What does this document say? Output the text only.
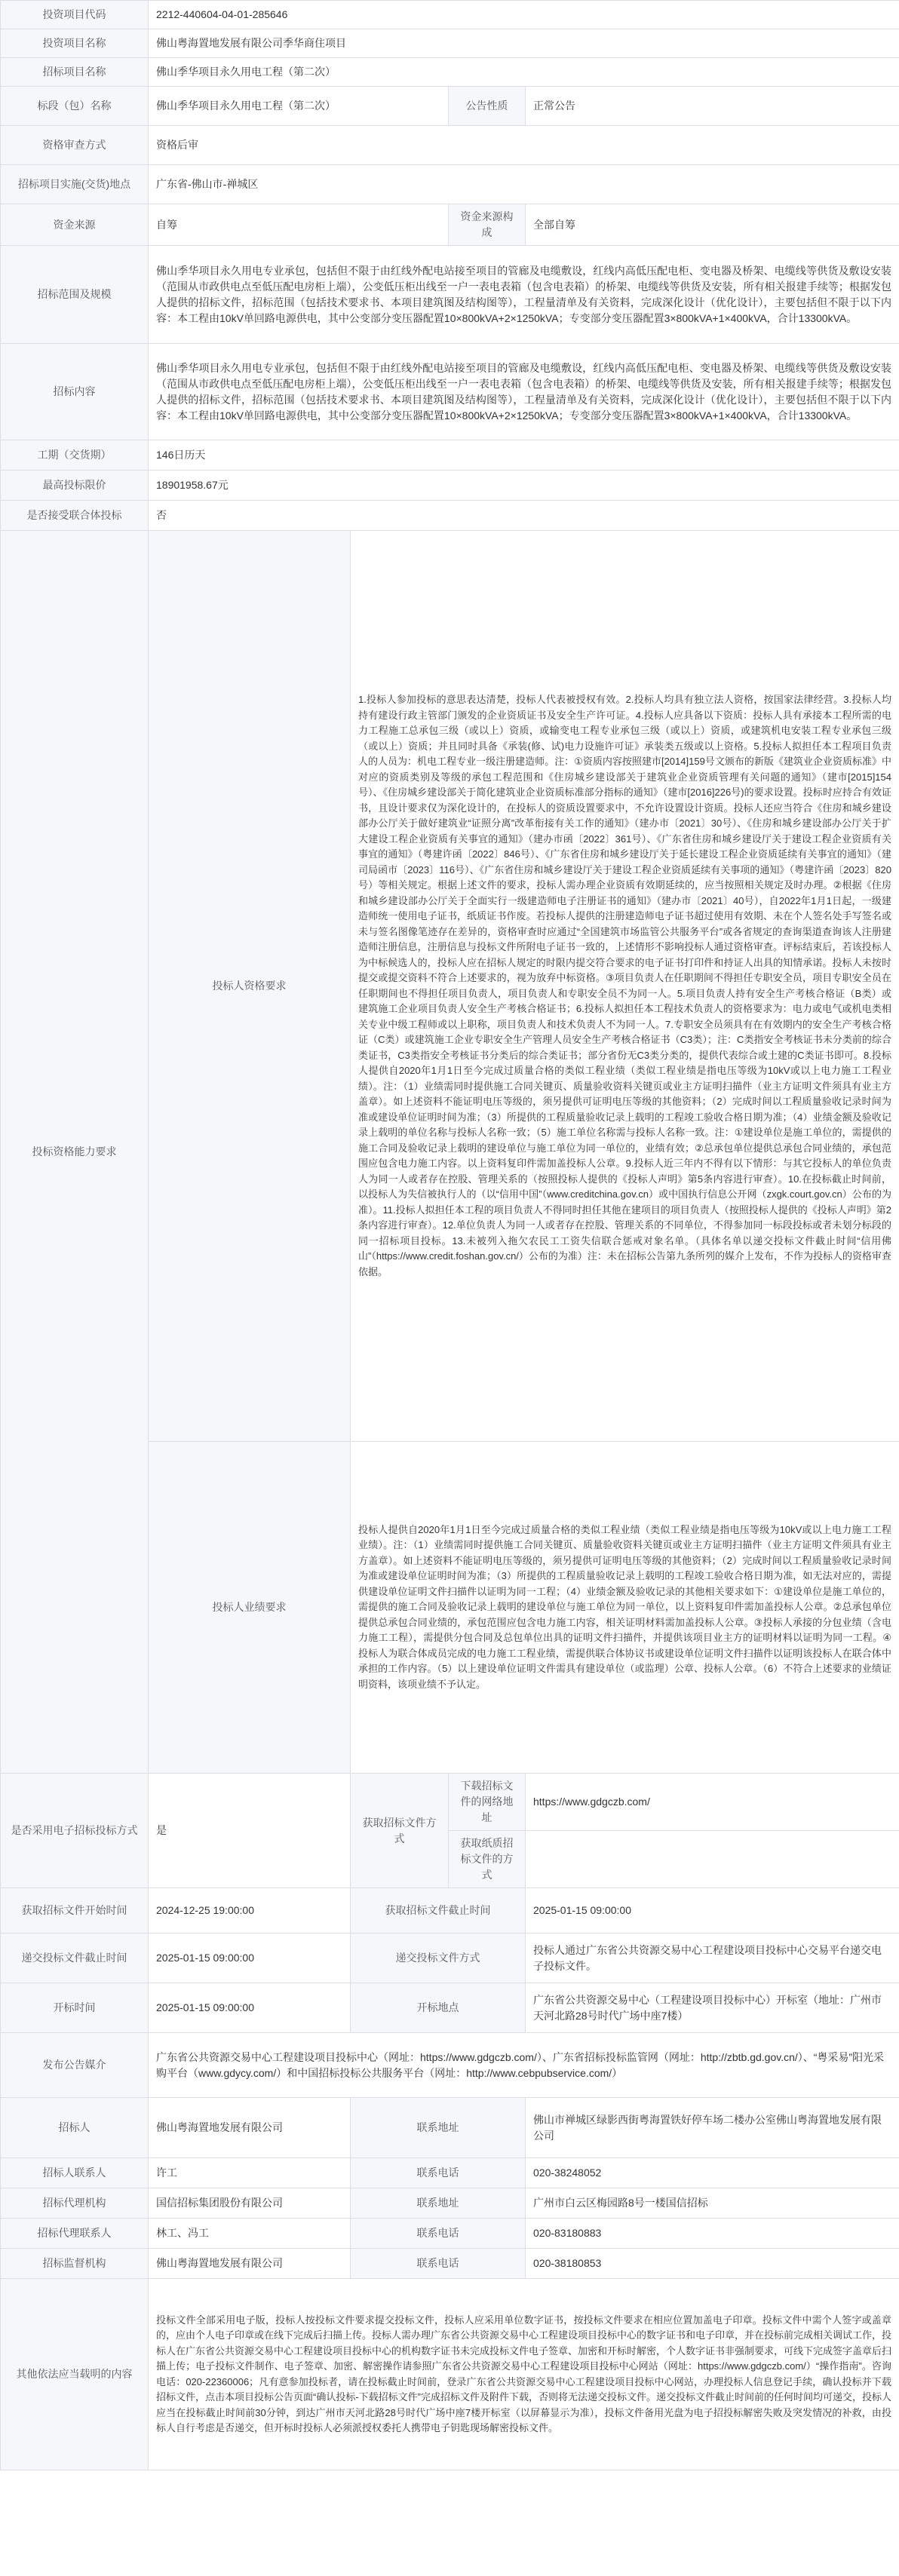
投资项目代码	2212-440604-04-01-285646			
投资项目名称	佛山粤海置地发展有限公司季华商住项目			
招标项目名称	佛山季华项目永久用电工程（第二次）			
标段（包）名称	佛山季华项目永久用电工程（第二次）		公告性质	正常公告
资格审查方式	资格后审			
招标项目实施(交货)地点	广东省-佛山市-禅城区			
资金来源	自筹		资金来源构成	全部自筹
招标范围及规模	佛山季华项目永久用电专业承包，包括但不限于由红线外配电站接至项目的管廊及电缆敷设，红线内高低压配电柜、变电器及桥架、电缆线等供货及敷设安装（范围从市政供电点至低压配电房柜上端），公变低压柜出线至一户一表电表箱（包含电表箱）的桥架、电缆线等供货及安装，所有相关报建手续等；根据发包人提供的招标文件，招标范围（包括技术要求书、本项目建筑图及结构图等），工程量清单及有关资料，完成深化设计（优化设计），主要包括但不限于以下内容：本工程由10kV单回路电源供电，其中公变部分变压器配置10×800kVA+2×1250kVA；专变部分变压器配置3×800kVA+1×400kVA，合计13300kVA。			
招标内容	佛山季华项目永久用电专业承包，包括但不限于由红线外配电站接至项目的管廊及电缆敷设，红线内高低压配电柜、变电器及桥架、电缆线等供货及敷设安装（范围从市政供电点至低压配电房柜上端），公变低压柜出线至一户一表电表箱（包含电表箱）的桥架、电缆线等供货及安装，所有相关报建手续等；根据发包人提供的招标文件，招标范围（包括技术要求书、本项目建筑图及结构图等），工程量清单及有关资料，完成深化设计（优化设计），主要包括但不限于以下内容：本工程由10kV单回路电源供电，其中公变部分变压器配置10×800kVA+2×1250kVA；专变部分变压器配置3×800kVA+1×400kVA，合计13300kVA。			
工期（交货期）	146日历天			
最高投标限价	18901958.67元			
是否接受联合体投标	否			
投标资格能力要求	投标人资格要求	1.投标人参加投标的意思表达清楚，投标人代表被授权有效。2.投标人均具有独立法人资格，按国家法律经营。3.投标人均持有建设行政主管部门颁发的企业资质证书及安全生产许可证。4.投标人应具备以下资质：投标人具有承接本工程所需的电力工程施工总承包三级（或以上）资质，或输变电工程专业承包三级（或以上）资质，或建筑机电安装工程专业承包三级（或以上）资质；并且同时具备《承装(修、试)电力设施许可证》承装类五级或以上资格。5.投标人拟担任本工程项目负责人的人员为：机电工程专业一级注册建造师。注：①资质内容按照建市[2014]159号文颁布的新版《建筑业企业资质标准》中对应的资质类别及等级的承包工程范围和《住房城乡建设部关于建筑业企业资质管理有关问题的通知》（建市[2015]154号）、《住房城乡建设部关于简化建筑业企业资质标准部分指标的通知》（建市[2016]226号)的要求设置。投标时应持合有效证书，且设计要求仅为深化设计的，在投标人的资质设置要求中，不允许设置设计资质。投标人还应当符合《住房和城乡建设部办公厅关于做好建筑业“证照分离”改革衔接有关工作的通知》（建办市〔2021〕30号）、《住房和城乡建设部办公厅关于扩大建设工程企业资质有关事宜的通知》（建办市函〔2022〕361号）、《广东省住房和城乡建设厅关于建设工程企业资质有关事宜的通知》（粤建许函〔2022〕846号）、《广东省住房和城乡建设厅关于延长建设工程企业资质延续有关事宜的通知》（建司局函市〔2023〕116号）、《广东省住房和城乡建设厅关于建设工程企业资质延续有关事项的通知》（粤建许函〔2023〕820号）等相关规定。根据上述文件的要求，投标人需办理企业资质有效期延续的，应当按照相关规定及时办理。②根据《住房和城乡建设部办公厅关于全面实行一级建造师电子注册证书的通知》（建办市〔2021〕40号），自2022年1月1日起，一级建造师统一使用电子证书，纸质证书作废。若投标人提供的注册建造师电子证书超过使用有效期、未在个人签名处手写签名或未与签名图像笔迹存在差异的，资格审查时应通过“全国建筑市场监管公共服务平台”或各省规定的查询渠道查询该人注册建造师注册信息，注册信息与投标文件所附电子证书一致的，上述情形不影响投标人通过资格审查。评标结束后，若该投标人为中标候选人的，投标人应在招标人规定的时限内提交符合要求的电子证书打印件和持证人出具的知情承诺。投标人未按时提交或提交资料不符合上述要求的，视为放弃中标资格。③项目负责人在任职期间不得担任专职安全员，项目专职安全员在任职期间也不得担任项目负责人，项目负责人和专职安全员不为同一人。5.项目负责人持有安全生产考核合格证（B类）或建筑施工企业项目负责人安全生产考核合格证书；6.投标人拟担任本工程技术负责人的资格要求为：电力或电气或机电类相关专业中级工程师或以上职称，项目负责人和技术负责人不为同一人。7.专职安全员须具有在有效期内的安全生产考核合格证（C类）或建筑施工企业专职安全生产管理人员安全生产考核合格证书（C3类）；注：C类指安全考核证书未分类前的综合类证书，C3类指安全考核证书分类后的综合类证书；部分省份无C3类分类的，提供代表综合或土建的C类证书即可。8.投标人提供自2020年1月1日至今完成过质量合格的类似工程业绩（类似工程业绩是指电压等级为10kV或以上电力施工工程业绩）。注：（1）业绩需同时提供施工合同关键页、质量验收资料关键页或业主方证明扫描件（业主方证明文件须具有业主方盖章）。如上述资料不能证明电压等级的，须另提供可证明电压等级的其他资料；（2）完成时间以工程质量验收记录时间为准或建设单位证明时间为准；（3）所提供的工程质量验收记录上载明的工程竣工验收合格日期为准；（4）业绩金额及验收记录上载明的单位名称与投标人名称一致；（5）施工单位名称需与投标人名称一致。注：①建设单位是施工单位的，需提供的施工合同及验收记录上载明的建设单位与施工单位为同一单位的，业绩有效；②总承包单位提供总承包合同业绩的，承包范围应包含电力施工内容。以上资料复印件需加盖投标人公章。9.投标人近三年内不得有以下情形：与其它投标人的单位负责人为同一人或者存在控股、管理关系的（按照投标人提供的《投标人声明》第5条内容进行审查）。10.在投标截止时间前，以投标人为失信被执行人的（以“信用中国”（www.creditchina.gov.cn）或中国执行信息公开网（zxgk.court.gov.cn）公布的为准）。11.投标人拟担任本工程的项目负责人不得同时担任其他在建项目的项目负责人（按照投标人提供的《投标人声明》第2条内容进行审查）。12.单位负责人为同一人或者存在控股、管理关系的不同单位，不得参加同一标段投标或者未划分标段的同一招标项目投标。13.未被列入拖欠农民工工资失信联合惩戒对象名单。（具体名单以递交投标文件截止时间“信用佛山”（https://www.credit.foshan.gov.cn/）公布的为准）注：未在招标公告第九条所列的媒介上发布，不作为投标人的资格审查依据。		
	投标人业绩要求	投标人提供自2020年1月1日至今完成过质量合格的类似工程业绩（类似工程业绩是指电压等级为10kV或以上电力施工工程业绩）。注：（1）业绩需同时提供施工合同关键页、质量验收资料关键页或业主方证明扫描件（业主方证明文件须具有业主方盖章）。如上述资料不能证明电压等级的，须另提供可证明电压等级的其他资料；（2）完成时间以工程质量验收记录时间为准或建设单位证明时间为准；（3）所提供的工程质量验收记录上载明的工程竣工验收合格日期为准，如无法对应的，需提供建设单位证明文件扫描件以证明为同一工程；（4）业绩金额及验收记录的其他相关要求如下：①建设单位是施工单位的，需提供的施工合同及验收记录上载明的建设单位与施工单位为同一单位，以上资料复印件需加盖投标人公章。②总承包单位提供总承包合同业绩的，承包范围应包含电力施工内容，相关证明材料需加盖投标人公章。③投标人承接的分包业绩（含电力施工工程），需提供分包合同及总包单位出具的证明文件扫描件，并提供该项目业主方的证明材料以证明为同一工程。④投标人为联合体成员完成的电力施工工程业绩，需提供联合体协议书或建设单位证明文件扫描件以证明该投标人在联合体中承担的工作内容。（5）以上建设单位证明文件需具有建设单位（或监理）公章、投标人公章。（6）不符合上述要求的业绩证明资料，该项业绩不予认定。		
是否采用电子招标投标方式	是	获取招标文件方式	下载招标文件的网络地址	https://www.gdgczb.com/
			获取纸质招标文件的方式	
获取招标文件开始时间	2024-12-25 19:00:00	获取招标文件截止时间		2025-01-15 09:00:00
递交投标文件截止时间	2025-01-15 09:00:00	递交投标文件方式		投标人通过广东省公共资源交易中心工程建设项目投标中心交易平台递交电子投标文件。
开标时间	2025-01-15 09:00:00	开标地点		广东省公共资源交易中心（工程建设项目投标中心）开标室（地址：广州市天河北路28号时代广场中座7楼）
发布公告媒介	广东省公共资源交易中心工程建设项目投标中心（网址：https://www.gdgczb.com/）、广东省招标投标监管网（网址：http://zbtb.gd.gov.cn/）、“粤采易”阳光采购平台（www.gdycy.com/）和中国招标投标公共服务平台（网址：http://www.cebpubservice.com/）			
招标人	佛山粤海置地发展有限公司	联系地址		佛山市禅城区绿影西街粤海置铁好停车场二楼办公室佛山粤海置地发展有限公司
招标人联系人	许工	联系电话		020-38248052
招标代理机构	国信招标集团股份有限公司	联系地址		广州市白云区梅园路8号一楼国信招标
招标代理联系人	林工、冯工	联系电话		020-83180883
招标监督机构	佛山粤海置地发展有限公司	联系电话		020-38180853
其他依法应当载明的内容	投标文件全部采用电子版，投标人按投标文件要求提交投标文件，投标人应采用单位数字证书，按投标文件要求在相应位置加盖电子印章。投标文件中需个人签字或盖章的，应由个人电子印章或在线下完成后扫描上传。投标人需办理广东省公共资源交易中心工程建设项目投标中心的数字证书和电子印章，并在投标前完成相关调试工作，投标人在广东省公共资源交易中心工程建设项目投标中心的机构数字证书未完成投标文件电子签章、加密和开标时解密，个人数字证书非强制要求，可线下完成签字盖章后扫描上传；电子投标文件制作、电子签章、加密、解密操作请参照广东省公共资源交易中心工程建设项目投标中心网站（网址：https://www.gdgczb.com/）“操作指南”。咨询电话：020-22360006；凡有意参加投标者，请在投标截止时间前，登录广东省公共资源交易中心工程建设项目投标中心网站，办理投标人信息登记手续，确认投标并下载招标文件，点击本项目投标公告页面“确认投标-下载招标文件”完成招标文件及附件下载，否则将无法递交投标文件。递交投标文件截止时间前的任何时间均可递交，投标人应当在投标截止时间前30分钟，到达广州市天河北路28号时代广场中座7楼开标室（以屏幕显示为准），投标文件备用光盘为电子招投标解密失败及突发情况的补救，由投标人自行考虑是否递交，但开标时投标人必须派授权委托人携带电子钥匙现场解密投标文件。			
